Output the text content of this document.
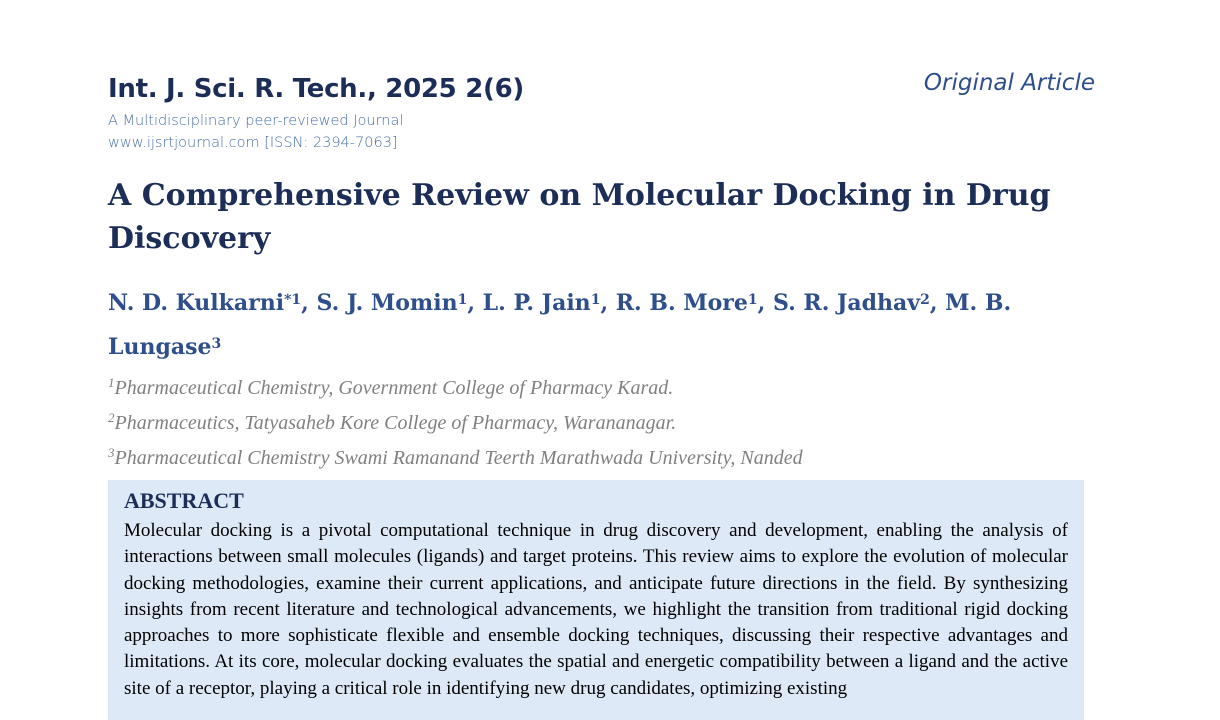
Int. J. Sci. R. Tech., 2025 2(6)	Original Article
A Multidisciplinary peer-reviewed Journal
www.ijsrtjournal.com [ISSN: 2394-7063]
A Comprehensive Review on Molecular Docking in Drug Discovery

N. D. Kulkarni$^{*1}$, S. J. Momin$^1$, L. P. Jain$^1$, R. B. More$^1$, S. R. Jadhav$^2$, M. B. Lungase$^3$

$^1$Pharmaceutical Chemistry, Government College of Pharmacy Karad.
$^2$Pharmaceutics, Tatyasaheb Kore College of Pharmacy, Warananagar.
$^3$Pharmaceutical Chemistry Swami Ramanand Teerth Marathwada University, Nanded
ABSTRACT

Molecular docking is a pivotal computational technique in drug discovery and development, enabling the analysis of interactions between small molecules (ligands) and target proteins. This review aims to explore the evolution of molecular docking methodologies, examine their current applications, and anticipate future directions in the field. By synthesizing insights from recent literature and technological advancements, we highlight the transition from traditional rigid docking approaches to more sophisticate flexible and ensemble docking techniques, discussing their respective advantages and limitations. At its core, molecular docking evaluates the spatial and energetic compatibility between a ligand and the active site of a receptor, playing a critical role in identifying new drug candidates, optimizing existing
